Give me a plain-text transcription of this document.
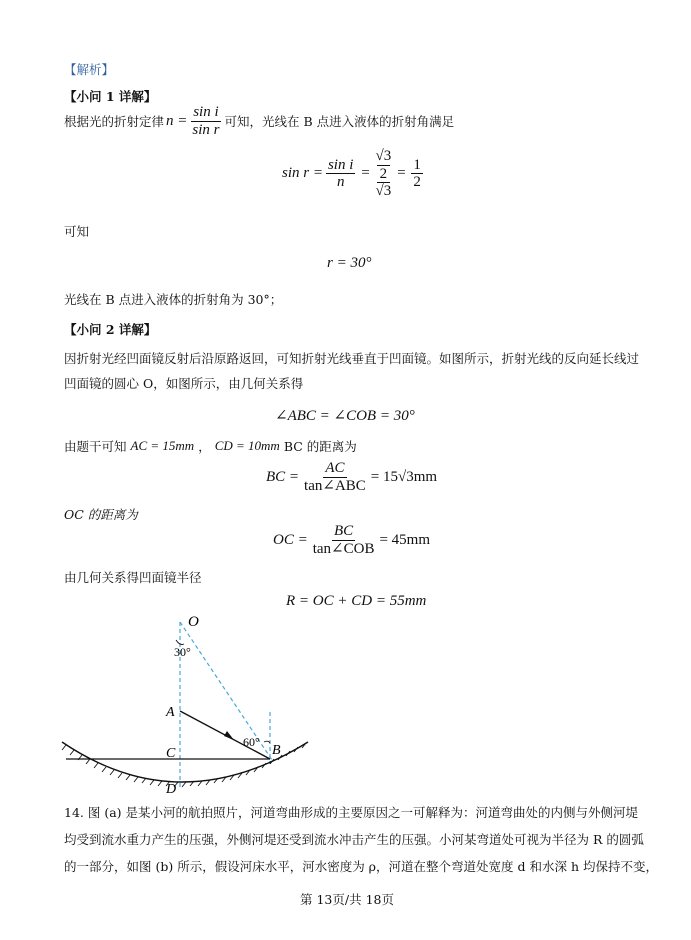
【解析】
【小问 1 详解】
根据光的折射定律 $n = \frac{\text{sin i}}{\text{sin r}}$ 可知，光线在 B 点进入液体的折射角满足
$\sin r = \frac{\text{sin i}}{n}$ =
√3
2
√3
= $\frac{1}{2}$
可知
r = 30°
光线在 B 点进入液体的折射角为 30°；
【小问 2 详解】
因折射光经凹面镜反射后沿原路返回，可知折射光线垂直于凹面镜。如图所示，折射光线的反向延长线过
凹面镜的圆心 O，如图所示，由几何关系得
∠ABC = ∠COB = 30°
由题干可知 AC = 15mm ， CD = 10mm BC 的距离为
BC = $\frac{AC}{\text{tan∠ABC}} = 15√3mm$
OC 的距离为
OC = $\frac{BC}{\text{tan∠COB}} = 45mm$
由几何关系得凹面镜半径
R = OC + CD = 55mm
O
30°
A
60°
B
C
D
14. 图 (a) 是某小河的航拍照片，河道弯曲形成的主要原因之一可解释为：河道弯曲处的内侧与外侧河堤
均受到流水重力产生的压强，外侧河堤还受到流水冲击产生的压强。小河某弯道处可视为半径为 R 的圆弧
的一部分，如图 (b) 所示，假设河床水平，河水密度为 ρ，河道在整个弯道处宽度 d 和水深 h 均保持不变，
第 13页/共 18页
